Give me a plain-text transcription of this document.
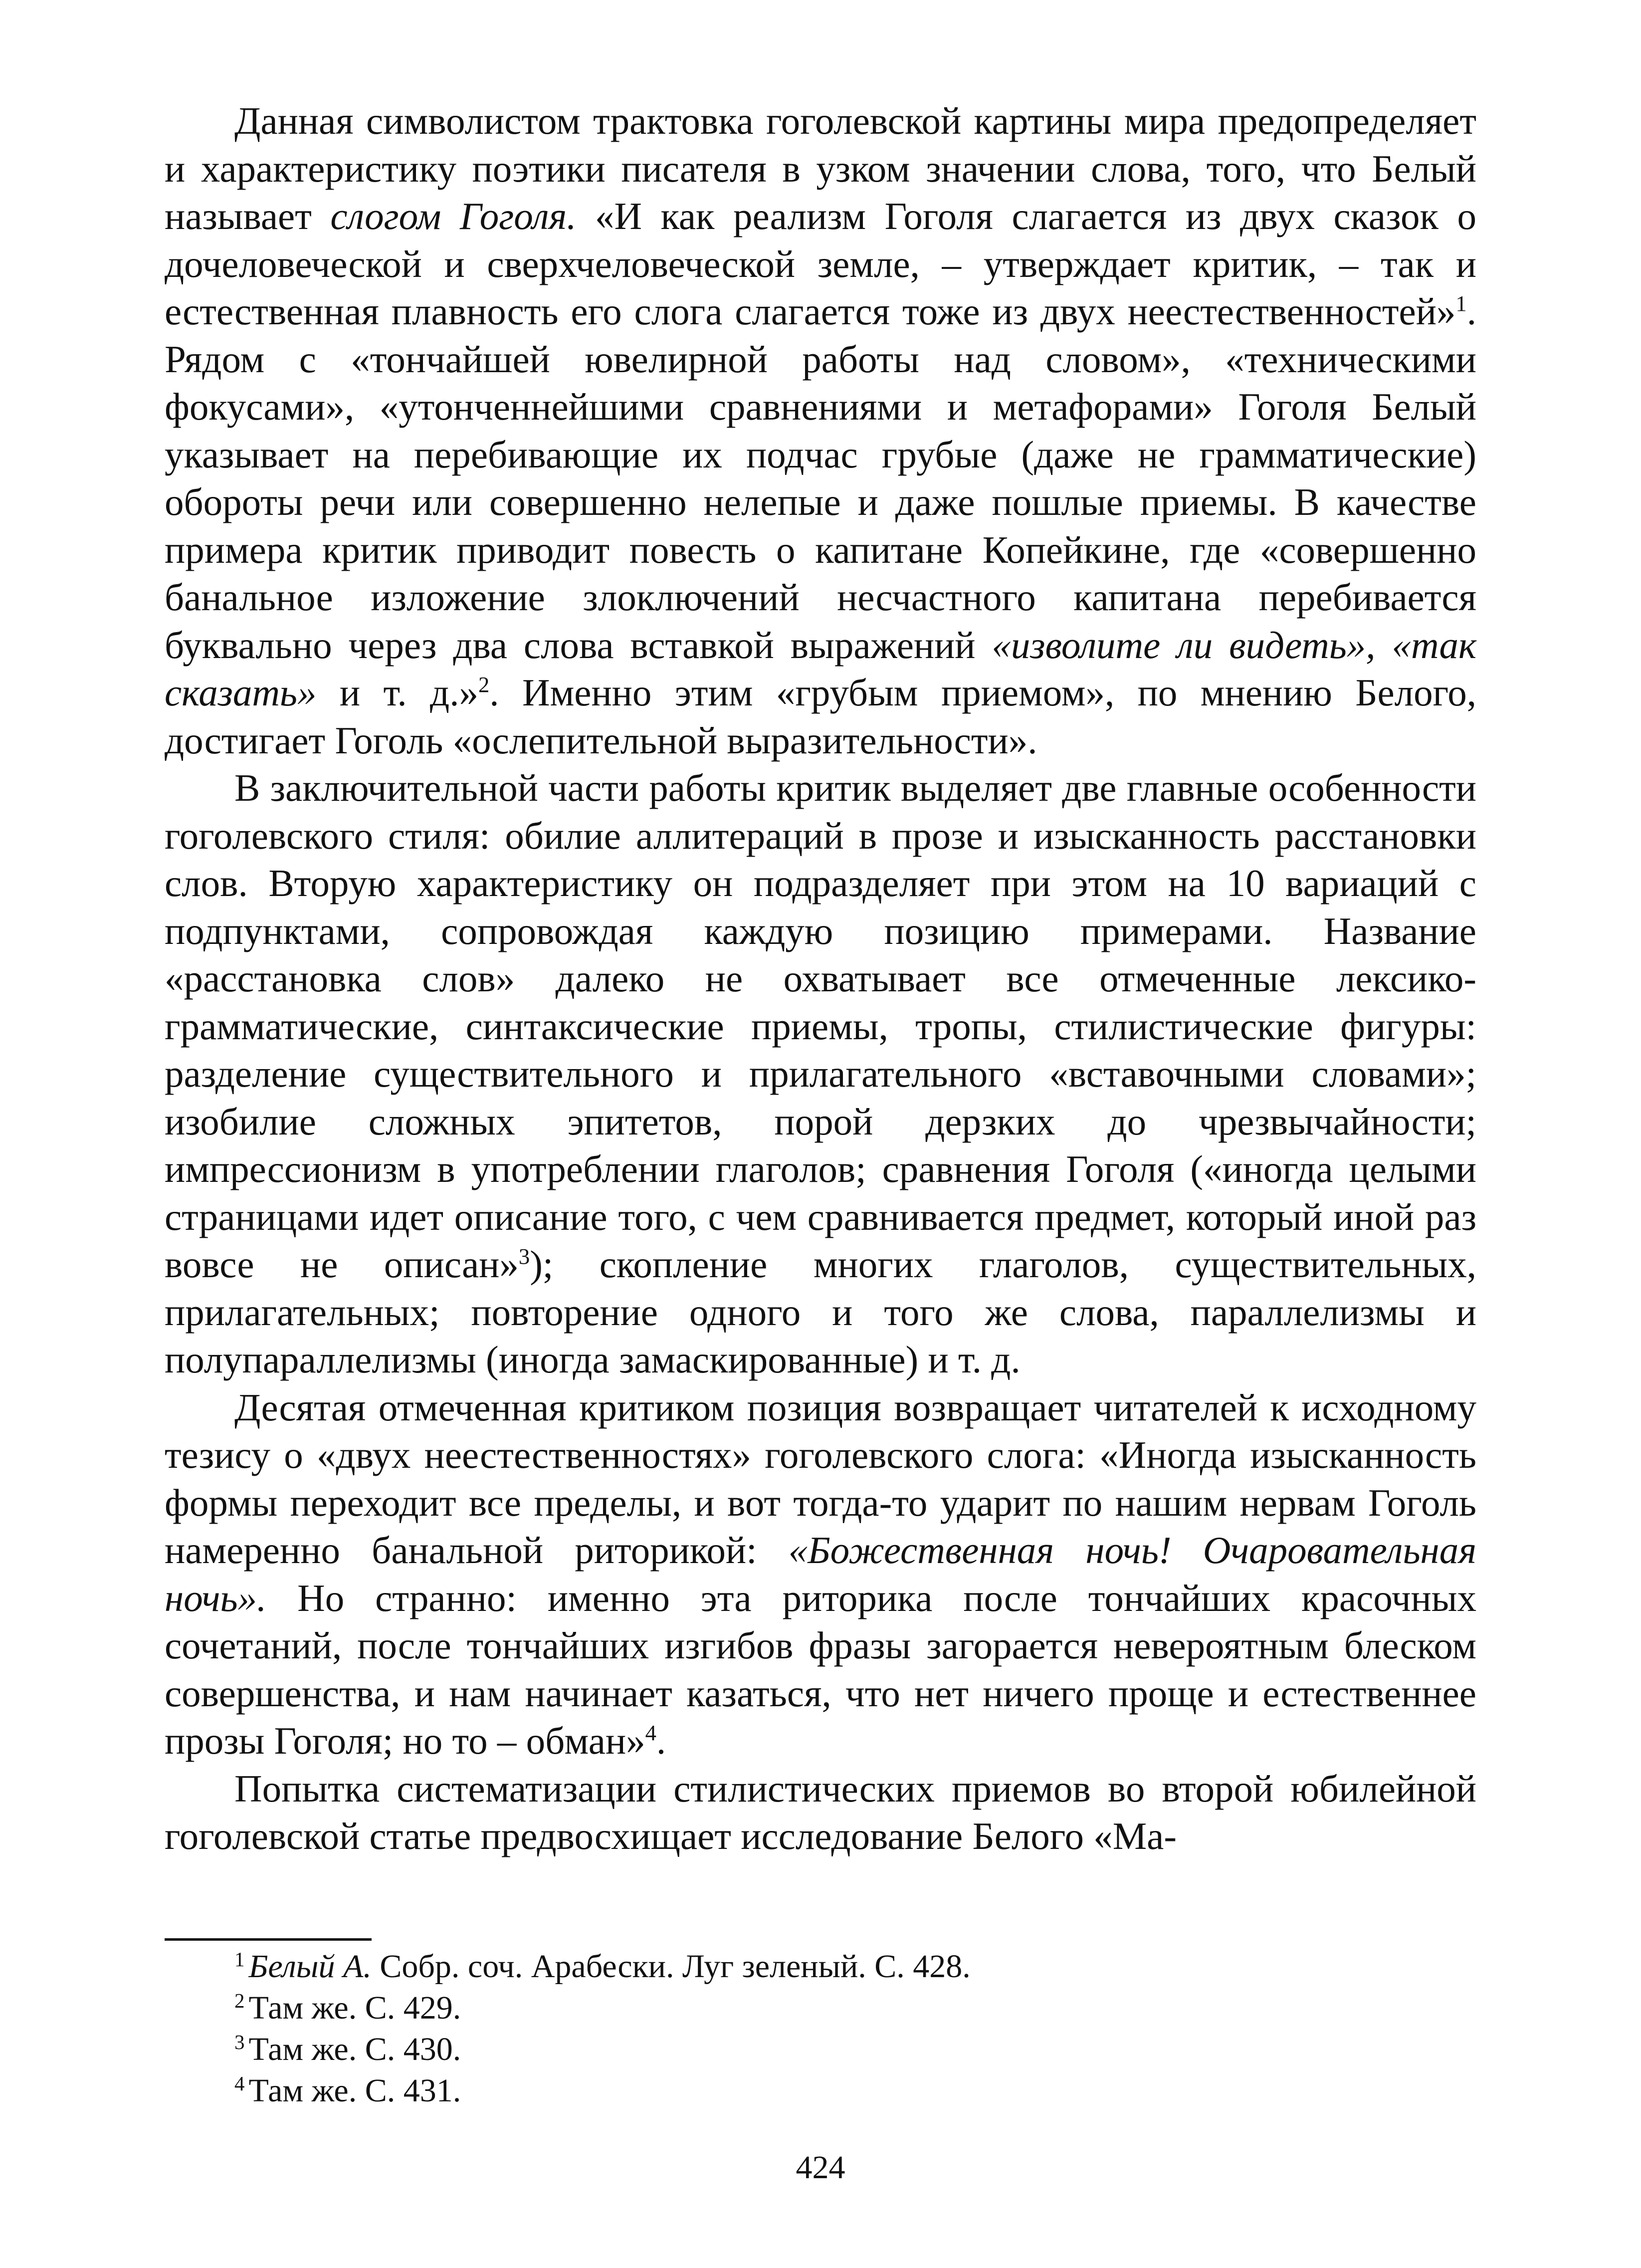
Данная символистом трактовка гоголевской картины мира предопределяет и характеристику поэтики писателя в узком значении слова, того, что Белый называет слогом Гоголя. «И как реализм Гоголя слагается из двух сказок о дочеловеческой и сверхчеловеческой земле, – утверждает критик, – так и естественная плавность его слога слагается тоже из двух неестественностей»$^1$. Рядом с «тончайшей ювелирной работы над словом», «техническими фокусами», «утонченнейшими сравнениями и метафорами» Гоголя Белый указывает на перебивающие их подчас грубые (даже не грамматические) обороты речи или совершенно нелепые и даже пошлые приемы. В качестве примера критик приводит повесть о капитане Копейкине, где «совершенно банальное изложение злоключений несчастного капитана перебивается буквально через два слова вставкой выражений «изволите ли видеть», «так сказать» и т. д.»$^2$. Именно этим «грубым приемом», по мнению Белого, достигает Гоголь «ослепительной выразительности».

В заключительной части работы критик выделяет две главные особенности гоголевского стиля: обилие аллитераций в прозе и изысканность расстановки слов. Вторую характеристику он подразделяет при этом на 10 вариаций с подпунктами, сопровождая каждую позицию примерами. Название «расстановка слов» далеко не охватывает все отмеченные лексико-грамматические, синтаксические приемы, тропы, стилистические фигуры: разделение существительного и прилагательного «вставочными словами»; изобилие сложных эпитетов, порой дерзких до чрезвычайности; импрессионизм в употреблении глаголов; сравнения Гоголя («иногда целыми страницами идет описание того, с чем сравнивается предмет, который иной раз вовсе не описан»$^3$); скопление многих глаголов, существительных, прилагательных; повторение одного и того же слова, параллелизмы и полупараллелизмы (иногда замаскированные) и т. д.

Десятая отмеченная критиком позиция возвращает читателей к исходному тезису о «двух неестественностях» гоголевского слога: «Иногда изысканность формы переходит все пределы, и вот тогда-то ударит по нашим нервам Гоголь намеренно банальной риторикой: «Божественная ночь! Очаровательная ночь». Но странно: именно эта риторика после тончайших красочных сочетаний, после тончайших изгибов фразы загорается невероятным блеском совершенства, и нам начинает казаться, что нет ничего проще и естественнее прозы Гоголя; но то – обман»$^4$.

Попытка систематизации стилистических приемов во второй юбилейной гоголевской статье предвосхищает исследование Белого «Ма-

$^1$ Белый А. Собр. соч. Арабески. Луг зеленый. С. 428.

$^2$ Там же. С. 429.

$^3$ Там же. С. 430.

$^4$ Там же. С. 431.

424
